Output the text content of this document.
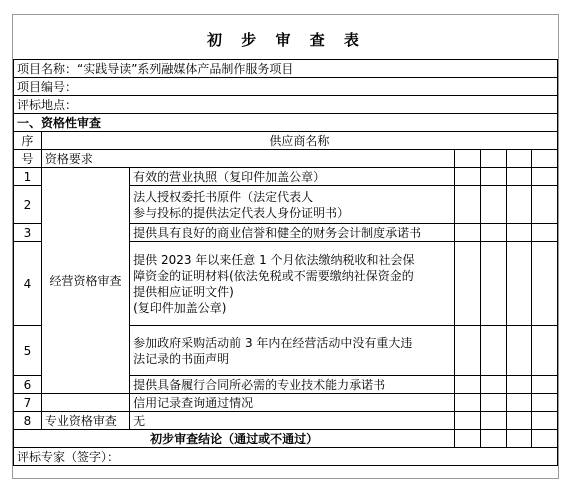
初 步 审 查 表
项目名称：“实践导读”系列融媒体产品制作服务项目						
项目编号：						
评标地点：						
一、资格性审查						
序	供应商名称					
号	资格要求					
1	经营资格审查	有效的营业执照（复印件加盖公章）				

2		法人授权委托书原件（法定代表人
参与投标的提供法定代表人身份证明书）				

3		提供具有良好的商业信誉和健全的财务会计制度承诺书				

4		提供 2023 年以来任意 1 个月依法缴纳税收和社会保
障资金的证明材料(依法免税或不需要缴纳社保资金的
提供相应证明文件)
(复印件加盖公章)				

5		参加政府采购活动前 3 年内在经营活动中没有重大违
法记录的书面声明				

6		提供具备履行合同所必需的专业技术能力承诺书				

7		信用记录查询通过情况				

8	专业资格审查	无				

初步审查结论（通过或不通过）						
评标专家（签字）：						
